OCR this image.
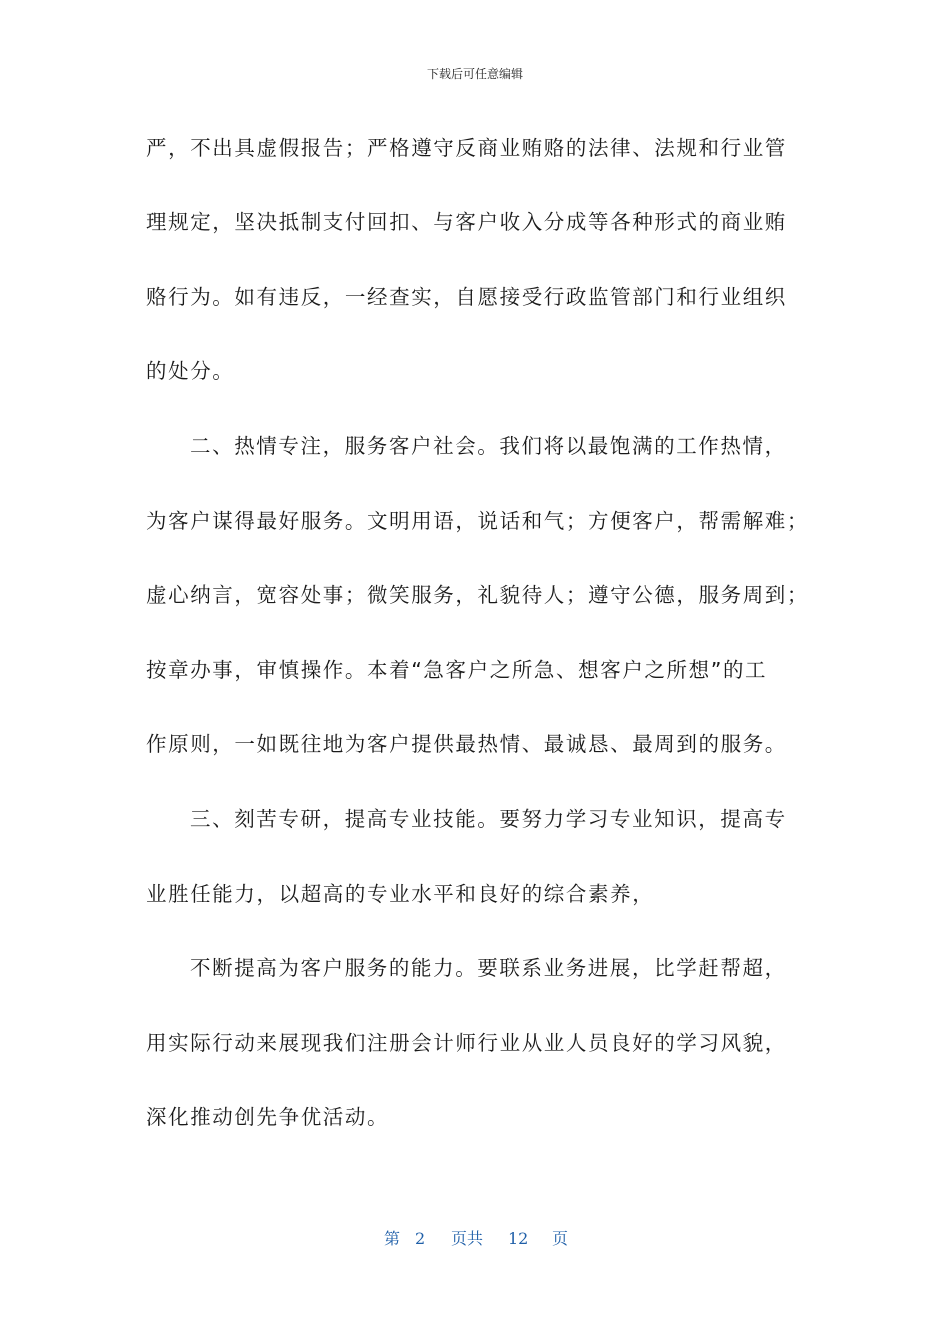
下载后可任意编辑
严，不出具虚假报告；严格遵守反商业贿赂的法律、法规和行业管
理规定，坚决抵制支付回扣、与客户收入分成等各种形式的商业贿
赂行为。如有违反，一经查实，自愿接受行政监管部门和行业组织
的处分。
二、热情专注，服务客户社会。我们将以最饱满的工作热情，
为客户谋得最好服务。文明用语，说话和气；方便客户，帮需解难；
虚心纳言，宽容处事；微笑服务，礼貌待人；遵守公德，服务周到；
按章办事，审慎操作。本着“急客户之所急、想客户之所想”的工
作原则，一如既往地为客户提供最热情、最诚恳、最周到的服务。
三、刻苦专研，提高专业技能。要努力学习专业知识，提高专
业胜任能力，以超高的专业水平和良好的综合素养，
不断提高为客户服务的能力。要联系业务进展，比学赶帮超，
用实际行动来展现我们注册会计师行业从业人员良好的学习风貌，
深化推动创先争优活动。
第 2 页共 12 页
